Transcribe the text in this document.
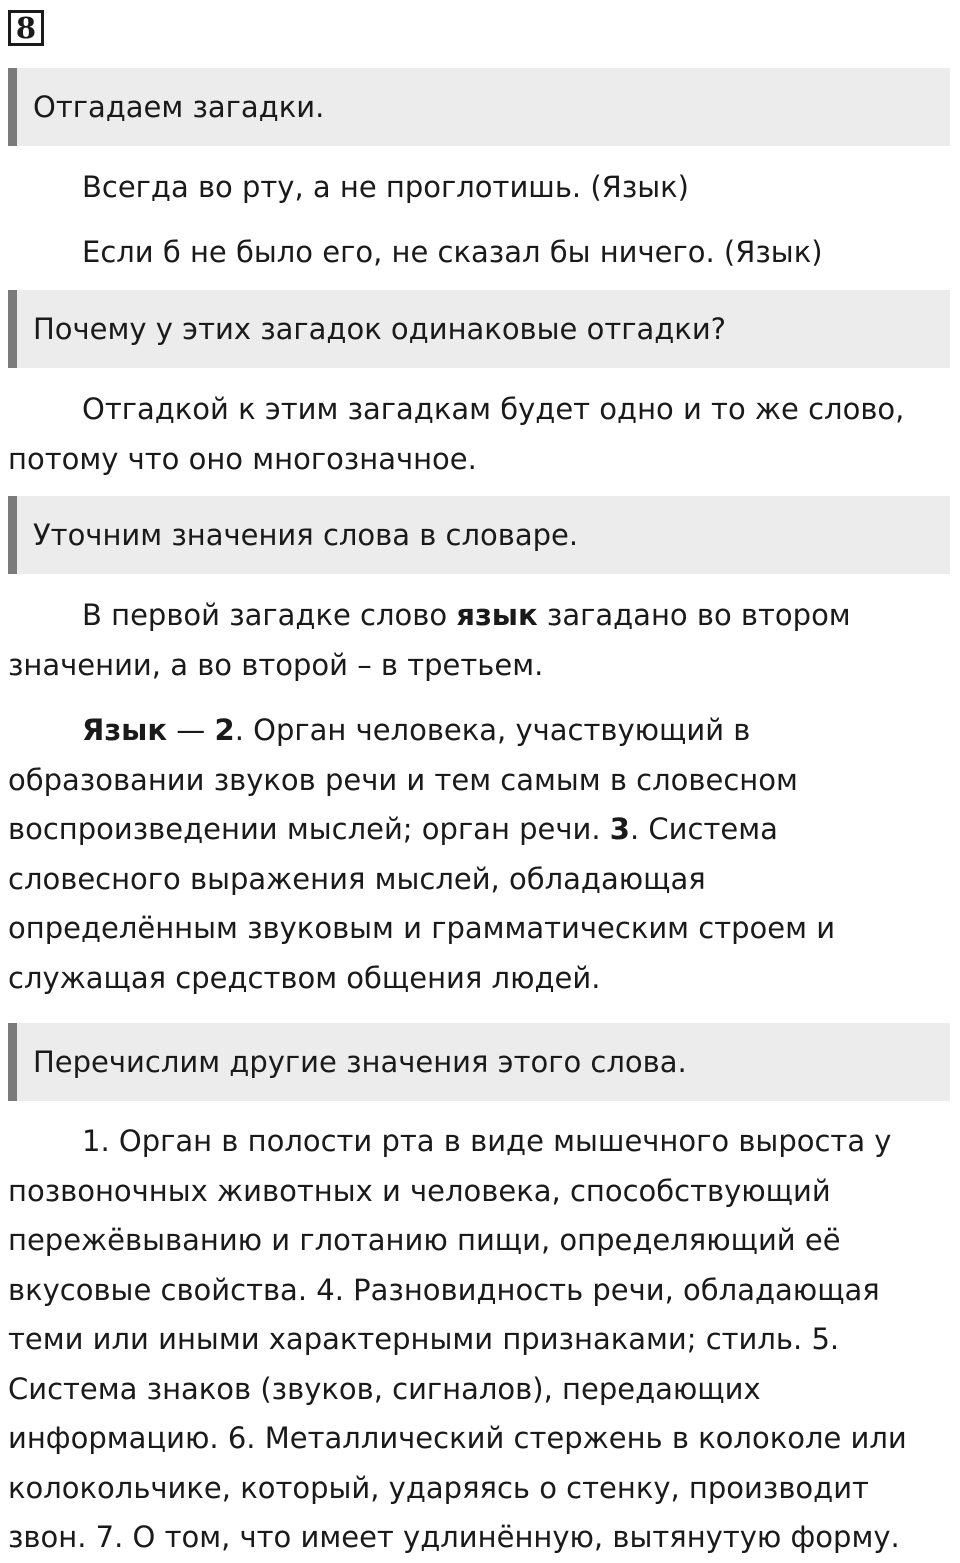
8
Отгадаем загадки.

Всегда во рту, а не проглотишь. (Язык)

Если б не было его, не сказал бы ничего. (Язык)

Почему у этих загадок одинаковые отгадки?

Отгадкой к этим загадкам будет одно и то же слово,
потому что оно многозначное.

Уточним значения слова в словаре.

В первой загадке слово язык загадано во втором
значении, а во второй – в третьем.

Язык — 2. Орган человека, участвующий в
образовании звуков речи и тем самым в словесном
воспроизведении мыслей; орган речи. 3. Система
словесного выражения мыслей, обладающая
определённым звуковым и грамматическим строем и
служащая средством общения людей.

Перечислим другие значения этого слова.

1. Орган в полости рта в виде мышечного выроста у
позвоночных животных и человека, способствующий
пережёвыванию и глотанию пищи, определяющий её
вкусовые свойства. 4. Разновидность речи, обладающая
теми или иными характерными признаками; стиль. 5.
Система знаков (звуков, сигналов), передающих
информацию. 6. Металлический стержень в колоколе или
колокольчике, который, ударяясь о стенку, производит
звон. 7. О том, что имеет удлинённую, вытянутую форму.
